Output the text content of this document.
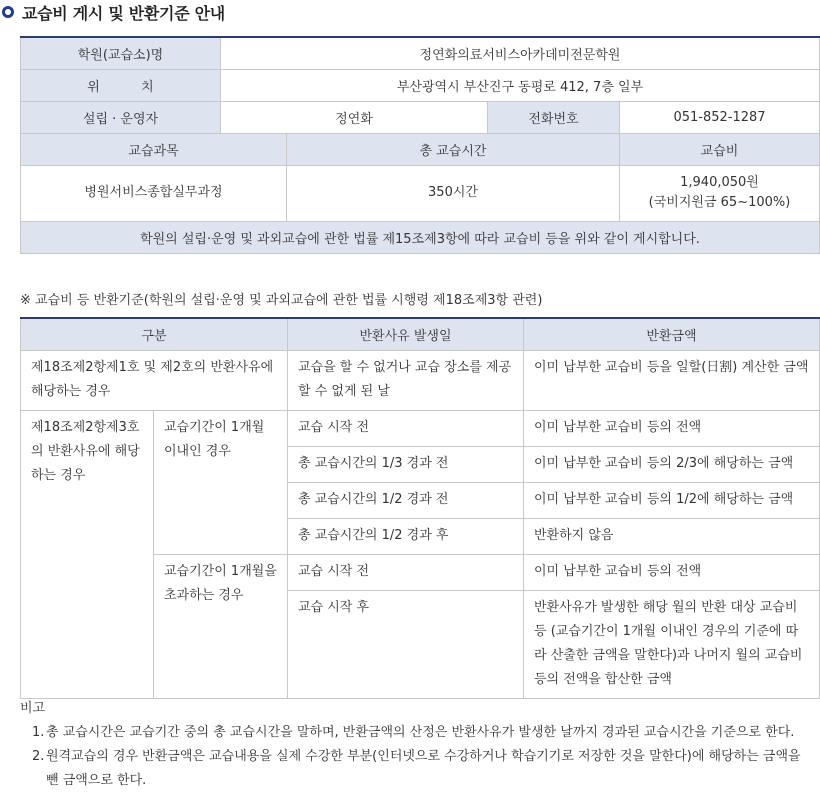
교습비 게시 및 반환기준 안내
학원(교습소)명	정연화의료서비스아카데미전문학원			
위          치	부산광역시 부산진구 동평로 412, 7층 일부			
설립 · 운영자	정연화		전화번호	051-852-1287
교습과목		총 교습시간		교습비
병원서비스종합실무과정		350시간		1,940,050원
(국비지원금 65~100%)

학원의 설립·운영 및 과외교습에 관한 법률 제15조제3항에 따라 교습비 등을 위와 같이 게시합니다.				
※ 교습비 등 반환기준(학원의 설립·운영 및 과외교습에 관한 법률 시행령 제18조제3항 관련)
구분		반환사유 발생일	반환금액
제18조제2항제1호 및 제2호의 반환사유에 해당하는 경우		교습을 할 수 없거나 교습 장소를 제공할 수 없게 된 날	이미 납부한 교습비 등을 일할(日割) 계산한 금액
제18조제2항제3호의 반환사유에 해당하는 경우	교습기간이 1개월 이내인 경우	교습 시작 전	이미 납부한 교습비 등의 전액
		총 교습시간의 1/3 경과 전	이미 납부한 교습비 등의 2/3에 해당하는 금액
		총 교습시간의 1/2 경과 전	이미 납부한 교습비 등의 1/2에 해당하는 금액
		총 교습시간의 1/2 경과 후	반환하지 않음
	교습기간이 1개월을 초과하는 경우	교습 시작 전	이미 납부한 교습비 등의 전액
		교습 시작 후	반환사유가 발생한 해당 월의 반환 대상 교습비 등 (교습기간이 1개월 이내인 경우의 기준에 따라 산출한 금액을 말한다)과 나머지 월의 교습비 등의 전액을 합산한 금액
비고
1. 총 교습시간은 교습기간 중의 총 교습시간을 말하며, 반환금액의 산정은 반환사유가 발생한 날까지 경과된 교습시간을 기준으로 한다.
2. 원격교습의 경우 반환금액은 교습내용을 실제 수강한 부분(인터넷으로 수강하거나 학습기기로 저장한 것을 말한다)에 해당하는 금액을 뺀 금액으로 한다.
